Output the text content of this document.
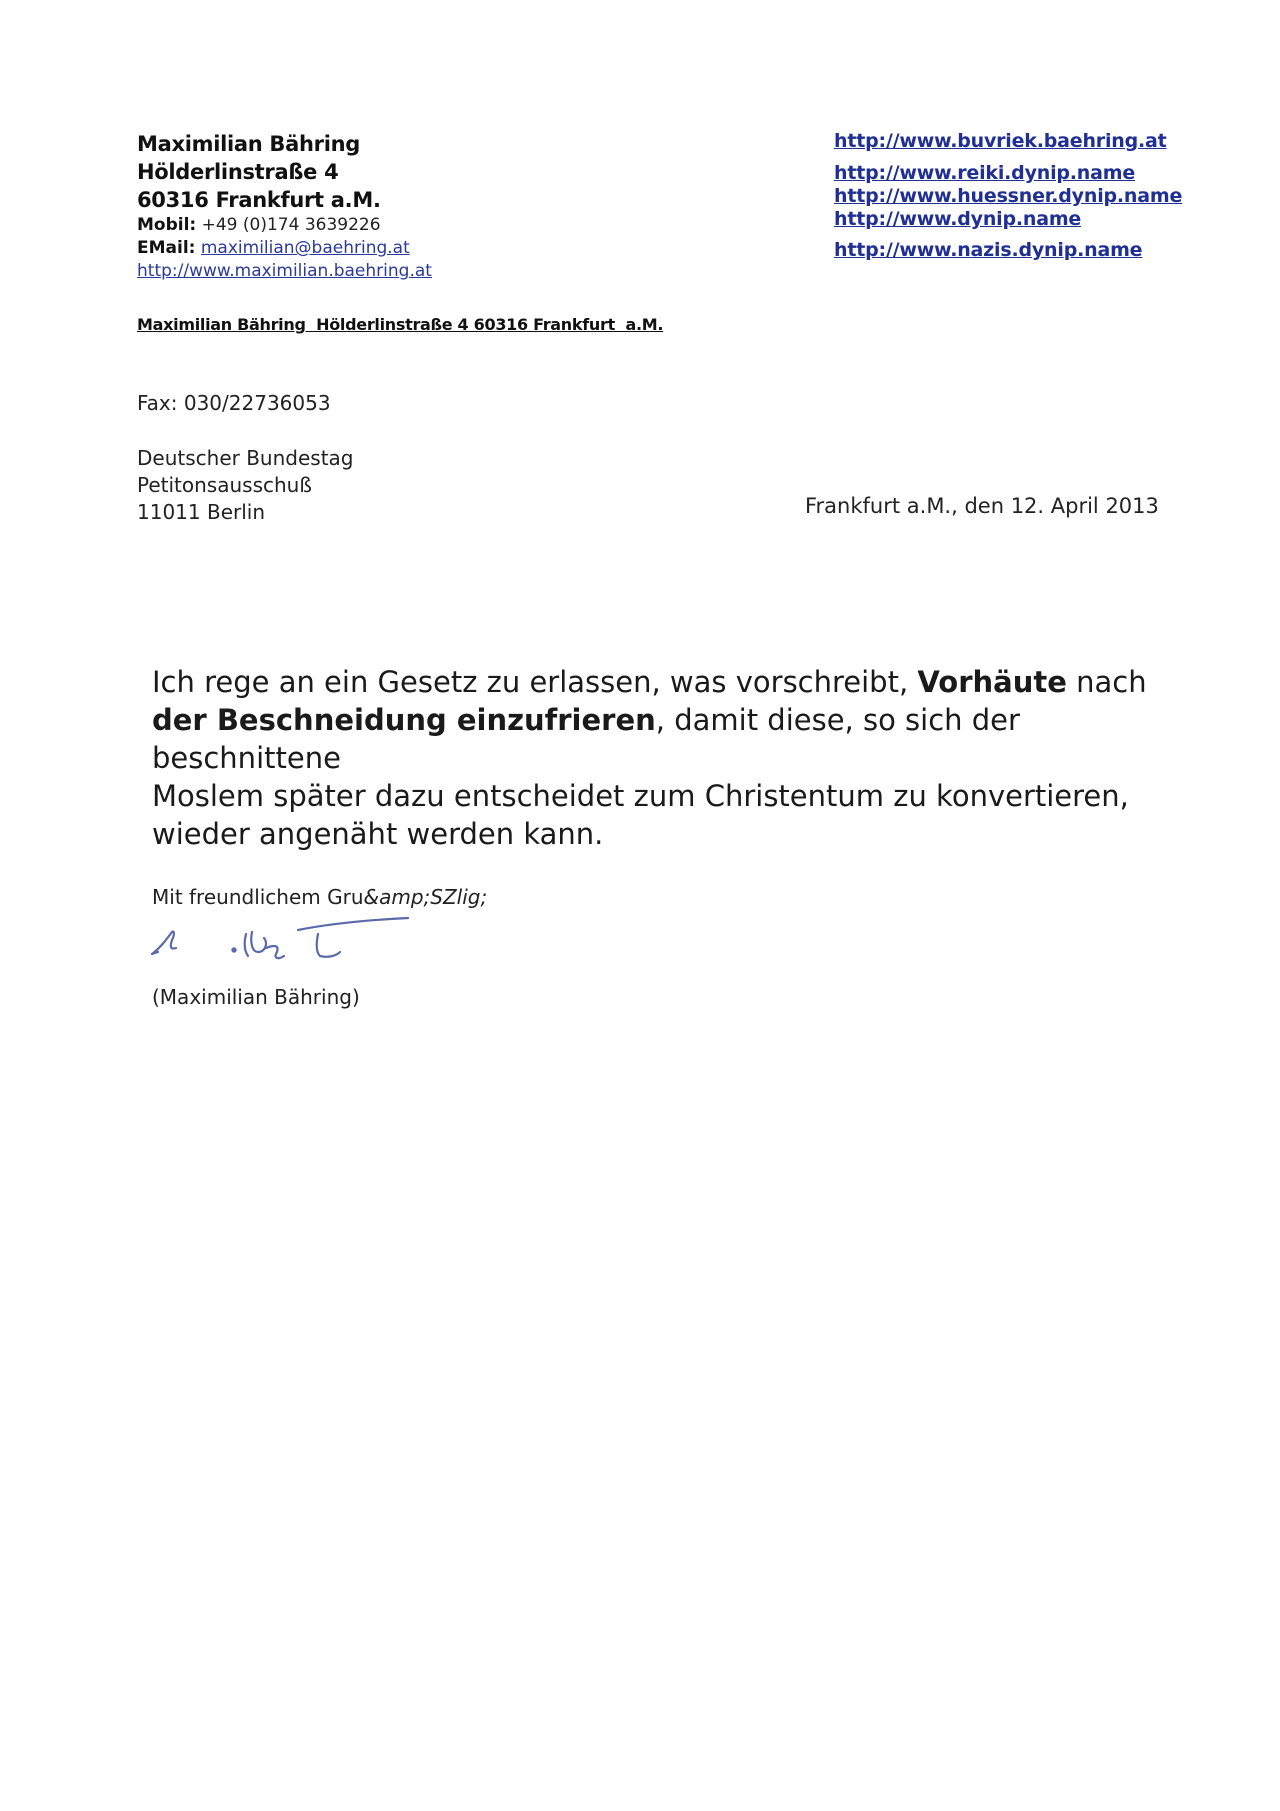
Maximilian Bähring
Hölderlinstraße 4
60316 Frankfurt a.M.
Mobil: +49 (0)174 3639226
EMail: maximilian@baehring.at
http://www.maximilian.baehring.at
http://www.buvriek.baehring.at
http://www.reiki.dynip.name
http://www.huessner.dynip.name
http://www.dynip.name
http://www.nazis.dynip.name
Maximilian Bähring  Hölderlinstraße 4 60316 Frankfurt  a.M.
Fax: 030/22736053
Deutscher Bundestag
Petitonsausschuß
11011 Berlin	Frankfurt a.M., den 12. April 2013
Ich rege an ein Gesetz zu erlassen, was vorschreibt, Vorhäute nach
der Beschneidung einzufrieren, damit diese, so sich der beschnittene
Moslem später dazu entscheidet zum Christentum zu konvertieren,
wieder angenäht werden kann.
Mit freundlichem Gru&amp;SZlig;
(Maximilian Bähring)
